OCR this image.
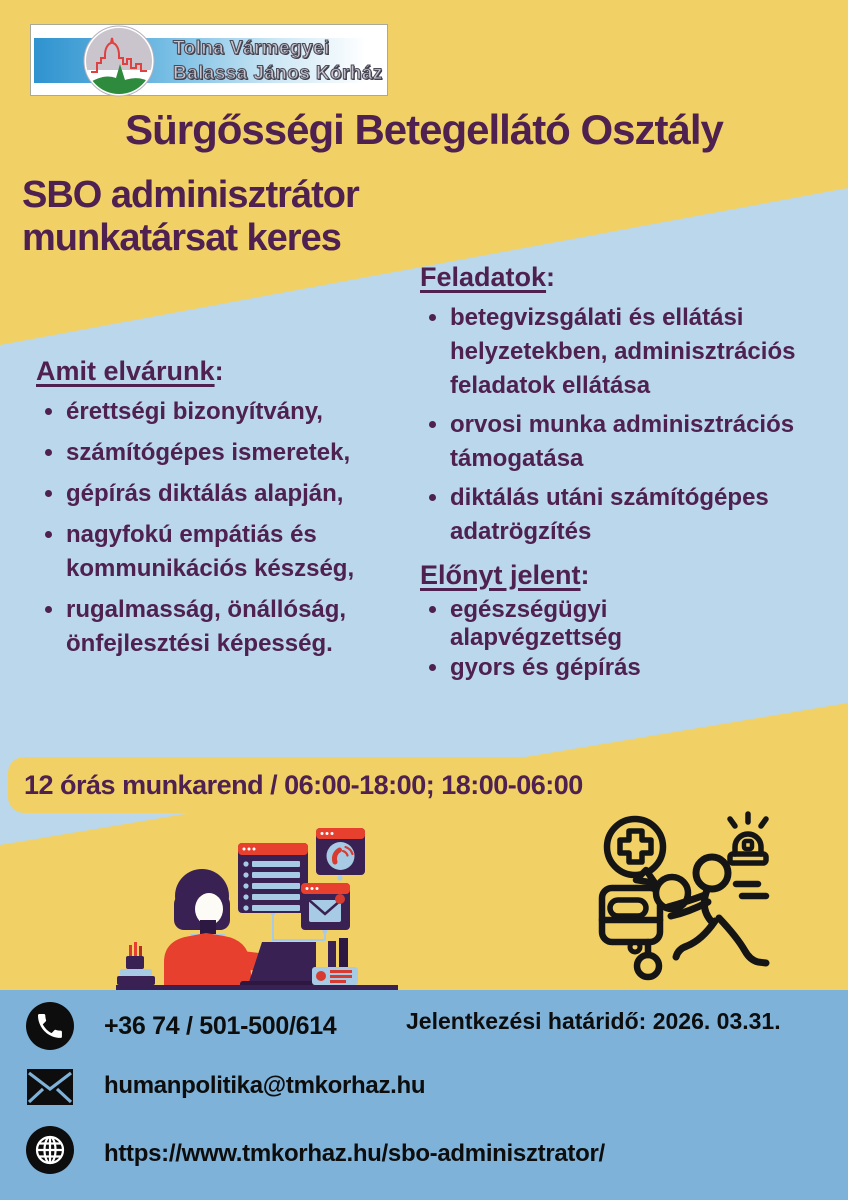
Tolna Vármegyei
Balassa János Kórház
Sürgősségi Betegellátó Osztály
SBO adminisztrátor
munkatársat keres
Amit elvárunk:
• érettségi bizonyítvány,
• számítógépes ismeretek,
• gépírás diktálás alapján,
• nagyfokú empátiás és kommunikációs készség,
• rugalmasság, önállóság, önfejlesztési képesség.
Feladatok:
• betegvizsgálati és ellátási helyzetekben, adminisztrációs feladatok ellátása
• orvosi munka adminisztrációs támogatása
• diktálás utáni számítógépes adatrögzítés
Előnyt jelent:
• egészségügyi alapvégzettség
• gyors és gépírás
12 órás munkarend / 06:00-18:00; 18:00-06:00
+36 74 / 501-500/614	Jelentkezési határidő: 2026. 03.31.
humanpolitika@tmkorhaz.hu
https://www.tmkorhaz.hu/sbo-adminisztrator/
